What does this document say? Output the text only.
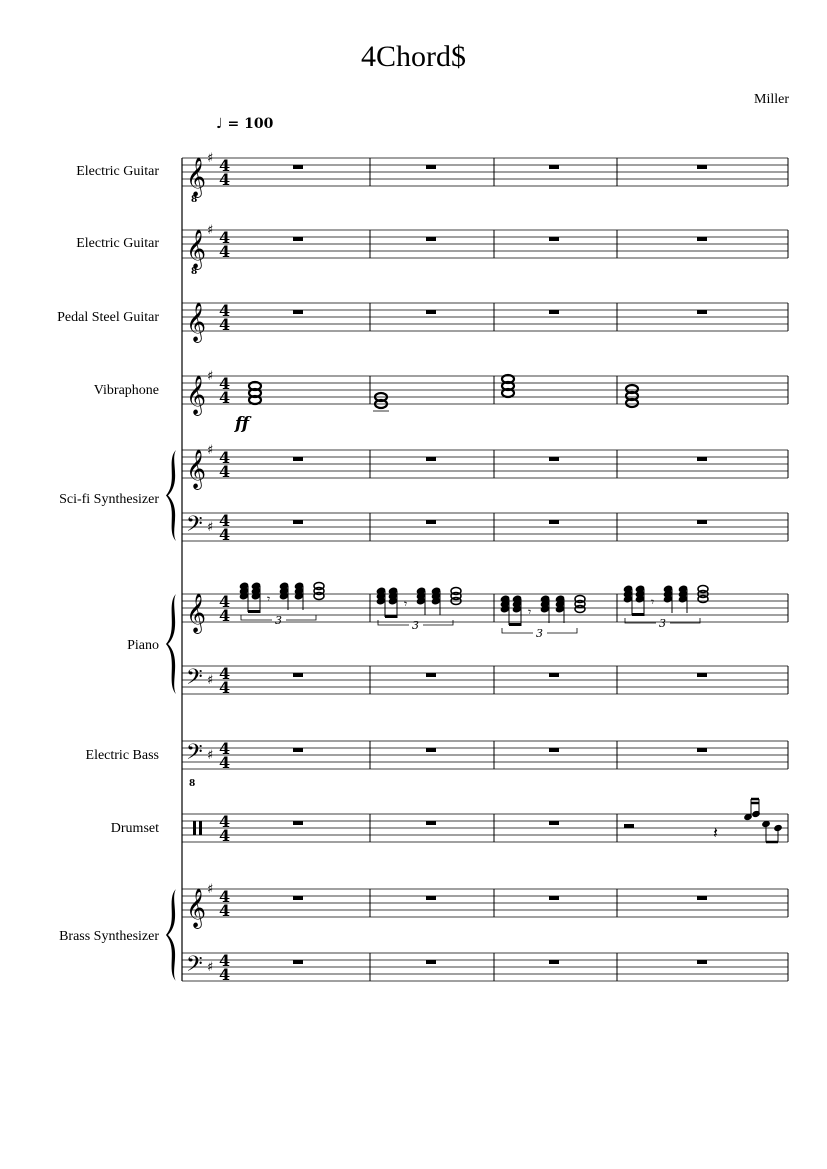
4Chord$
Miller
♩ = 100
Electric Guitar
Electric Guitar
Pedal Steel Guitar
Vibraphone
Sci-fi Synthesizer
Piano
Electric Bass
Drumset
Brass Synthesizer
ff
𝄞
8
♯ 4
4
𝄞
8
♯ 4
4
𝄞 4
4
𝄞 ♯ 4
4
𝄞 ♯ 4
4
𝄢 ♯ 4
4
𝄞 4
4
𝄢 ♯ 4
4
𝄢
8
♯ 4
4
4
4
𝄞 ♯ 4
4
𝄢 ♯ 4
4
𝄾
3
𝄾
3
𝄾
3
𝄾
3
𝄽
